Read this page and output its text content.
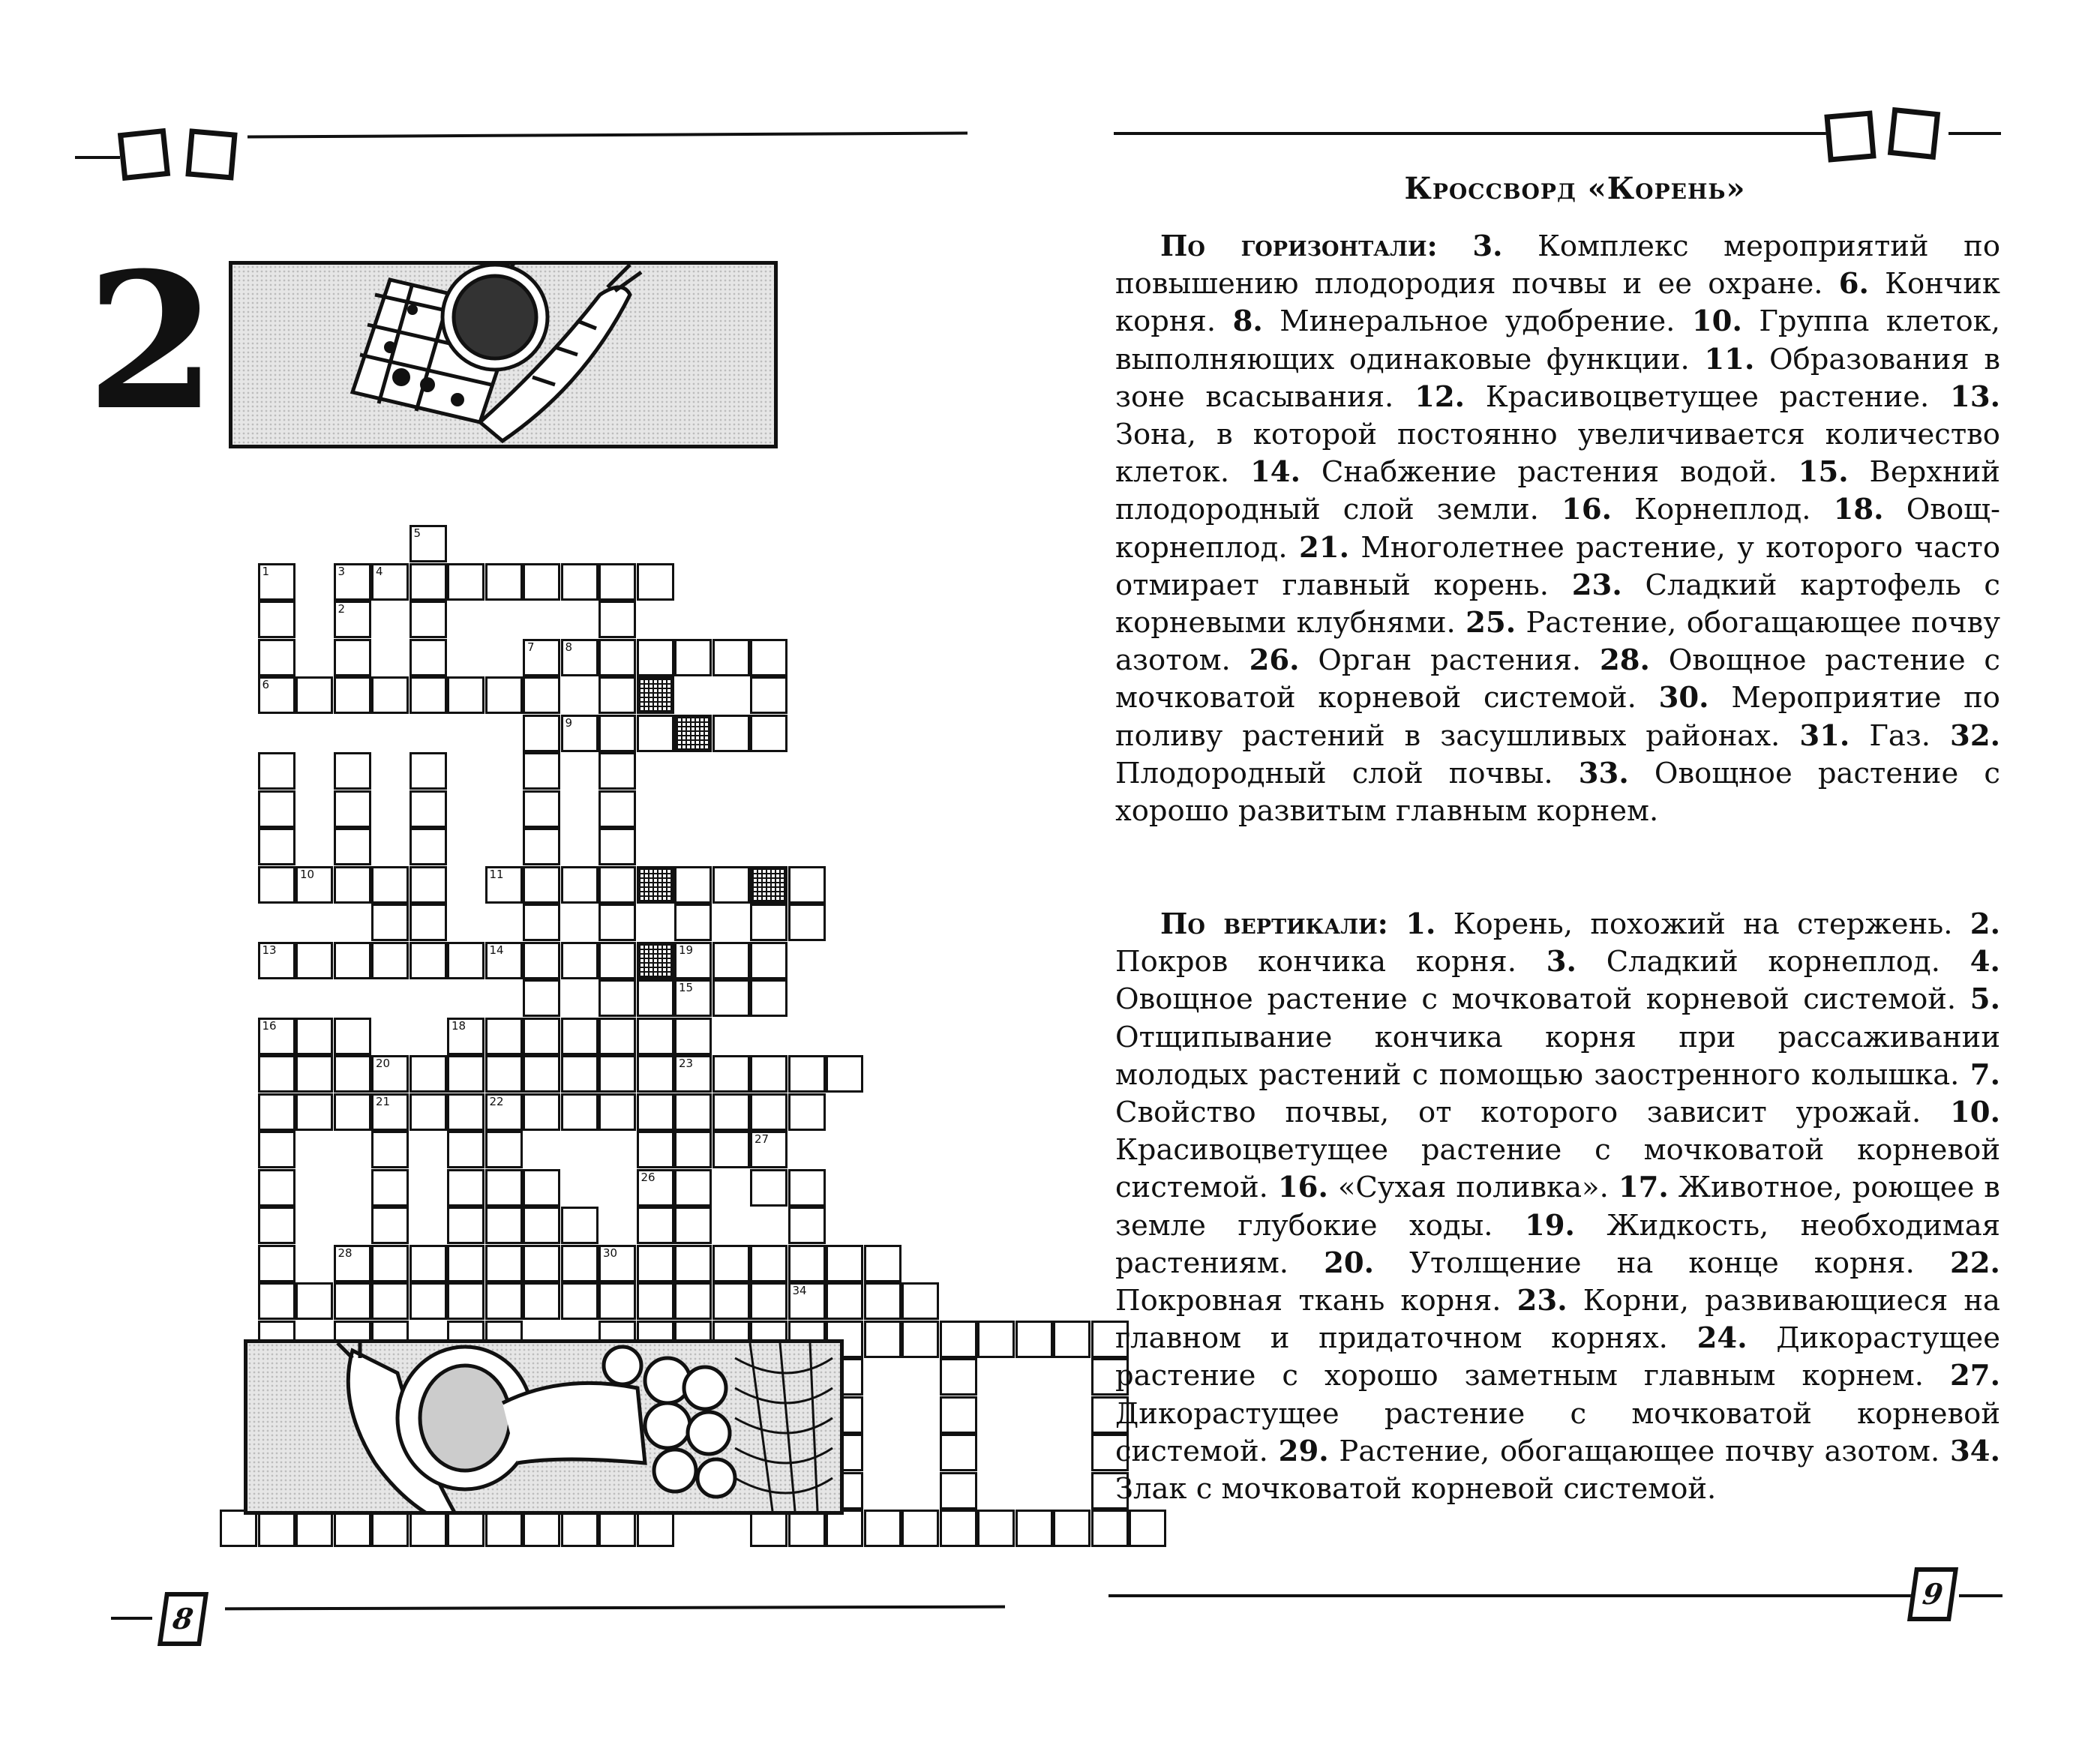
2
5
1	3	4
2
7	8
6
9
10	11
13	14	19
15
16	18
20	23
21	22
27
26
28	30
34
8
Кроссворд «Корень»

По горизонтали: 3. Комплекс мероприятий по повышению плодородия почвы и ее охране. 6. Кончик корня. 8. Минеральное удобрение. 10. Группа клеток, выполняющих одинаковые функции. 11. Образования в зоне всасывания. 12. Красивоцветущее растение. 13. Зона, в которой постоянно увеличивается количество клеток. 14. Снабжение растения водой. 15. Верхний плодородный слой земли. 16. Корнеплод. 18. Овощ-корнеплод. 21. Многолетнее растение, у которого часто отмирает главный корень. 23. Сладкий картофель с корневыми клубнями. 25. Растение, обогащающее почву азотом. 26. Орган растения. 28. Овощное растение с мочковатой корневой системой. 30. Мероприятие по поливу растений в засушливых районах. 31. Газ. 32. Плодородный слой почвы. 33. Овощное растение с хорошо развитым главным корнем.

По вертикали: 1. Корень, похожий на стержень. 2. Покров кончика корня. 3. Сладкий корнеплод. 4. Овощное растение с мочковатой корневой системой. 5. Отщипывание кончика корня при рассаживании молодых растений с помощью заостренного колышка. 7. Свойство почвы, от которого зависит урожай. 10. Красивоцветущее растение с мочковатой корневой системой. 16. «Сухая поливка». 17. Животное, роющее в земле глубокие ходы. 19. Жидкость, необходимая растениям. 20. Утолщение на конце корня. 22. Покровная ткань корня. 23. Корни, развивающиеся на главном и придаточном корнях. 24. Дикорастущее растение с хорошо заметным главным корнем. 27. Дикорастущее растение с мочковатой корневой системой. 29. Растение, обогащающее почву азотом. 34. Злак с мочковатой корневой системой.

9
